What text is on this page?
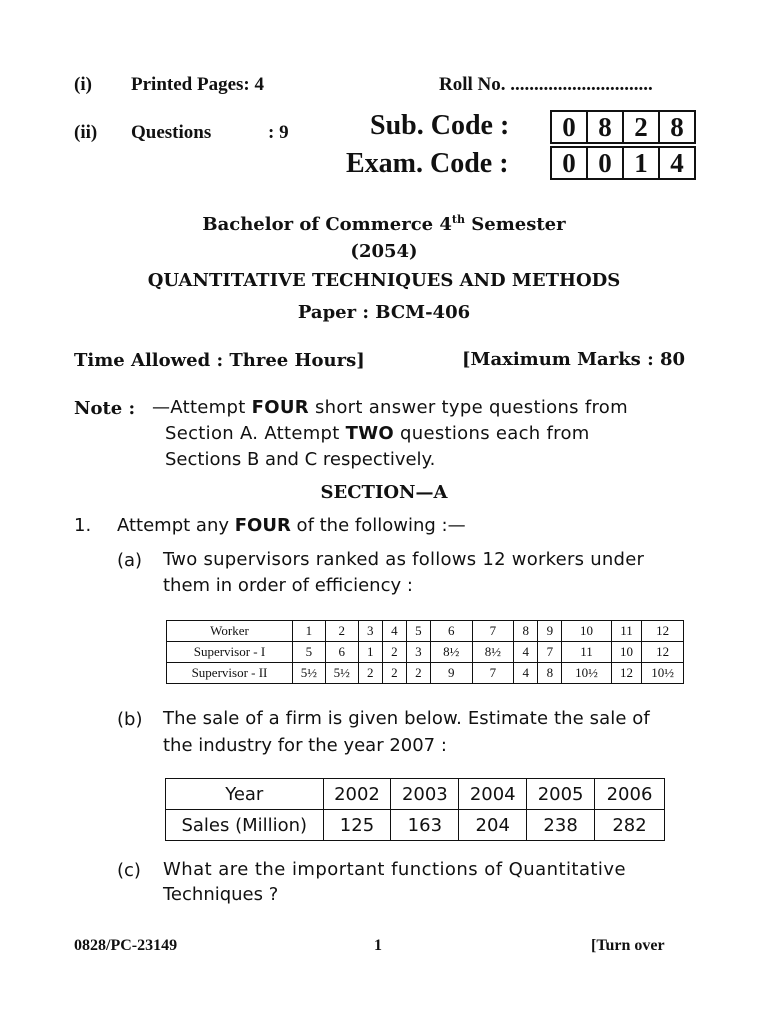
(i) Printed Pages: 4	Roll No. ..............................
(ii) Questions	: 9	Sub. Code :	0 8 2 8
Exam. Code :	0 0 1 4
Bachelor of Commerce 4th Semester
(2054)
QUANTITATIVE TECHNIQUES AND METHODS
Paper : BCM-406
Time Allowed : Three Hours]	[Maximum Marks : 80
Note : —Attempt FOUR short answer type questions from
Section A. Attempt TWO questions each from
Sections B and C respectively.
SECTION—A
1. Attempt any FOUR of the following :—
(a) Two supervisors ranked as follows 12 workers under
them in order of efficiency :
Worker	1	2	3	4	5	6	7	8	9	10	11	12
Supervisor - I	5	6	1	2	3	8½	8½	4	7	11	10	12
Supervisor - II	5½	5½	2	2	2	9	7	4	8	10½	12	10½
(b) The sale of a firm is given below. Estimate the sale of
the industry for the year 2007 :
Year	2002	2003	2004	2005	2006
Sales (Million)	125	163	204	238	282
(c) What are the important functions of Quantitative
Techniques ?
0828/PC-23149	1	[Turn over
